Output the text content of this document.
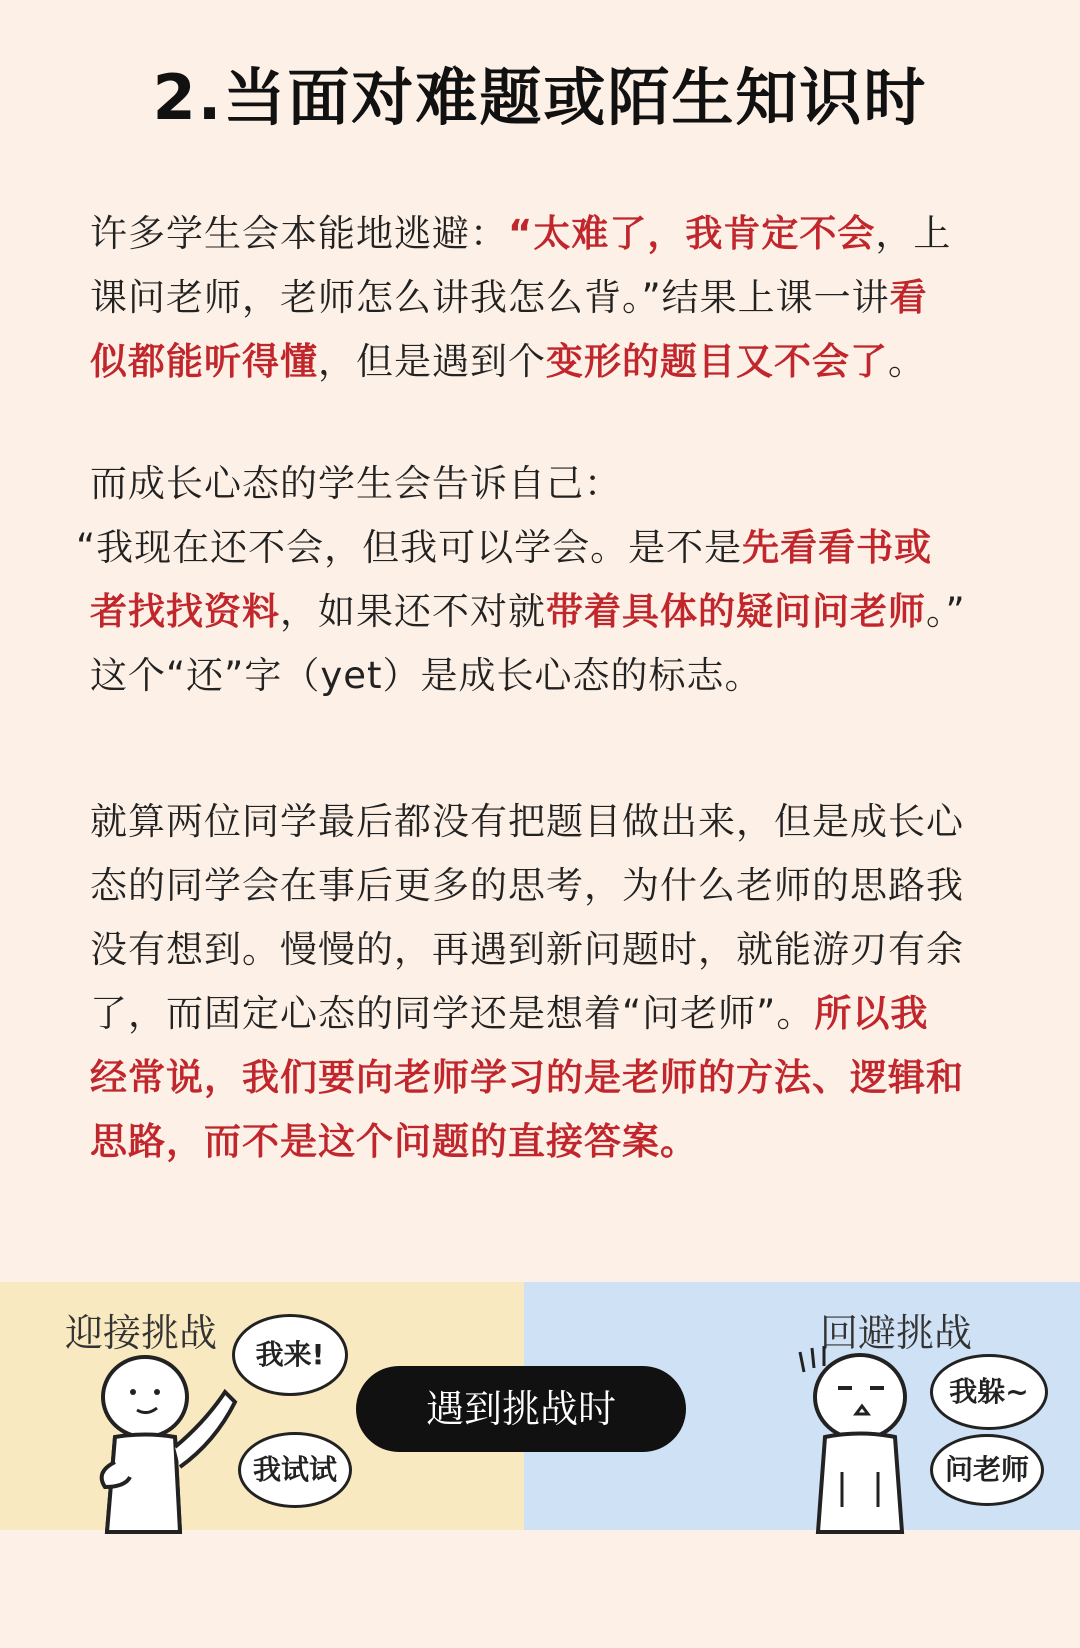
2.当面对难题或陌生知识时
许多学生会本能地逃避：“太难了，我肯定不会，上
课问老师，老师怎么讲我怎么背。”结果上课一讲看
似都能听得懂，但是遇到个变形的题目又不会了。
而成长心态的学生会告诉自己：
“我现在还不会，但我可以学会。是不是先看看书或
者找找资料，如果还不对就带着具体的疑问问老师。”
这个“还”字（yet）是成长心态的标志。
就算两位同学最后都没有把题目做出来，但是成长心
态的同学会在事后更多的思考，为什么老师的思路我
没有想到。慢慢的，再遇到新问题时，就能游刃有余
了，而固定心态的同学还是想着“问老师”。所以我
经常说，我们要向老师学习的是老师的方法、逻辑和
思路，而不是这个问题的直接答案。
迎接挑战	回避挑战
遇到挑战时
我来!
我试试
我躲~
问老师
